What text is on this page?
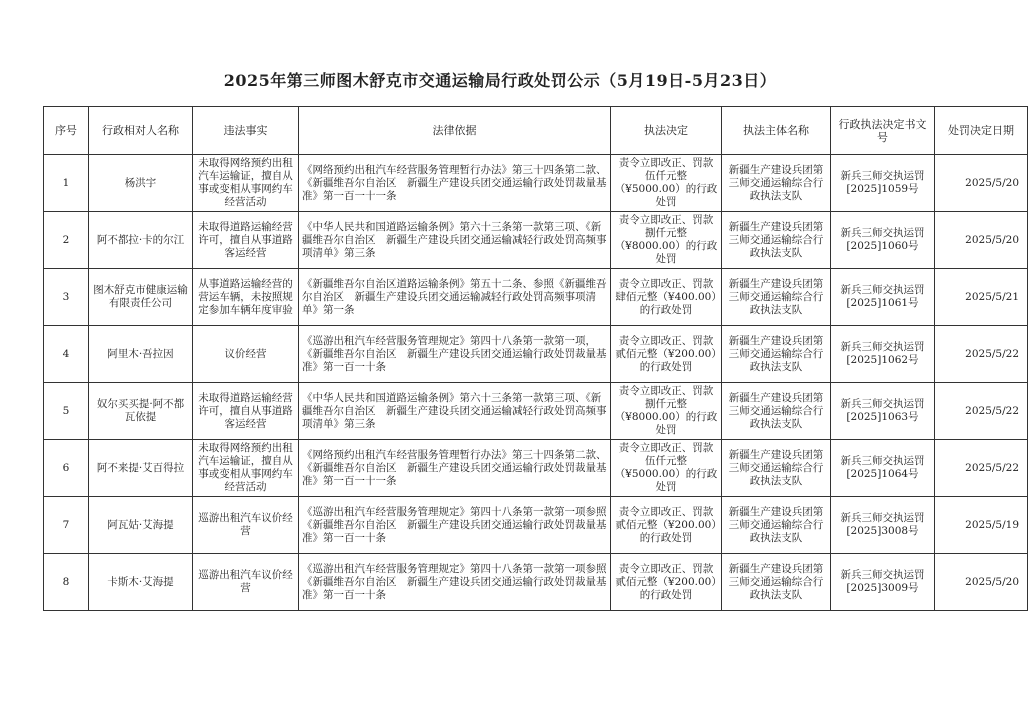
2025年第三师图木舒克市交通运输局行政处罚公示（5月19日-5月23日）
序号	行政相对人名称	违法事实	法律依据	执法决定	执法主体名称	行政执法决定书文号	处罚决定日期
1	杨洪宇	未取得网络预约出租汽车运输证，擅自从事或变相从事网约车经营活动	《网络预约出租汽车经营服务管理暂行办法》第三十四条第二款、《新疆维吾尔自治区　新疆生产建设兵团交通运输行政处罚裁量基准》第一百一十一条	责令立即改正、罚款伍仟元整（¥5000.00）的行政处罚	新疆生产建设兵团第三师交通运输综合行政执法支队	新兵三师交执运罚[2025]1059号	2025/5/20
2	阿不都拉·卡的尔江	未取得道路运输经营许可，擅自从事道路客运经营	《中华人民共和国道路运输条例》第六十三条第一款第三项、《新疆维吾尔自治区　新疆生产建设兵团交通运输减轻行政处罚高频事项清单》第三条	责令立即改正、罚款捌仟元整（¥8000.00）的行政处罚	新疆生产建设兵团第三师交通运输综合行政执法支队	新兵三师交执运罚[2025]1060号	2025/5/20
3	图木舒克市健康运输有限责任公司	从事道路运输经营的营运车辆，未按照规定参加车辆年度审验	《新疆维吾尔自治区道路运输条例》第五十二条、参照《新疆维吾尔自治区　新疆生产建设兵团交通运输减轻行政处罚高频事项清单》第一条	责令立即改正、罚款肆佰元整（¥400.00）的行政处罚	新疆生产建设兵团第三师交通运输综合行政执法支队	新兵三师交执运罚[2025]1061号	2025/5/21
4	阿里木·吾拉因	议价经营	《巡游出租汽车经营服务管理规定》第四十八条第一款第一项，《新疆维吾尔自治区　新疆生产建设兵团交通运输行政处罚裁量基准》第一百一十条	责令立即改正、罚款贰佰元整（¥200.00）的行政处罚	新疆生产建设兵团第三师交通运输综合行政执法支队	新兵三师交执运罚[2025]1062号	2025/5/22
5	奴尔买买提·阿不都瓦依提	未取得道路运输经营许可，擅自从事道路客运经营	《中华人民共和国道路运输条例》第六十三条第一款第三项、《新疆维吾尔自治区　新疆生产建设兵团交通运输减轻行政处罚高频事项清单》第三条	责令立即改正、罚款捌仟元整（¥8000.00）的行政处罚	新疆生产建设兵团第三师交通运输综合行政执法支队	新兵三师交执运罚[2025]1063号	2025/5/22
6	阿不来提·艾百得拉	未取得网络预约出租汽车运输证，擅自从事或变相从事网约车经营活动	《网络预约出租汽车经营服务管理暂行办法》第三十四条第二款、《新疆维吾尔自治区　新疆生产建设兵团交通运输行政处罚裁量基准》第一百一十一条	责令立即改正、罚款伍仟元整（¥5000.00）的行政处罚	新疆生产建设兵团第三师交通运输综合行政执法支队	新兵三师交执运罚[2025]1064号	2025/5/22
7	阿瓦姑·艾海提	巡游出租汽车议价经营	《巡游出租汽车经营服务管理规定》第四十八条第一款第一项参照《新疆维吾尔自治区　新疆生产建设兵团交通运输行政处罚裁量基准》第一百一十条	责令立即改正、罚款贰佰元整（¥200.00）的行政处罚	新疆生产建设兵团第三师交通运输综合行政执法支队	新兵三师交执运罚[2025]3008号	2025/5/19
8	卡斯木·艾海提	巡游出租汽车议价经营	《巡游出租汽车经营服务管理规定》第四十八条第一款第一项参照《新疆维吾尔自治区　新疆生产建设兵团交通运输行政处罚裁量基准》第一百一十条	责令立即改正、罚款贰佰元整（¥200.00）的行政处罚	新疆生产建设兵团第三师交通运输综合行政执法支队	新兵三师交执运罚[2025]3009号	2025/5/20
